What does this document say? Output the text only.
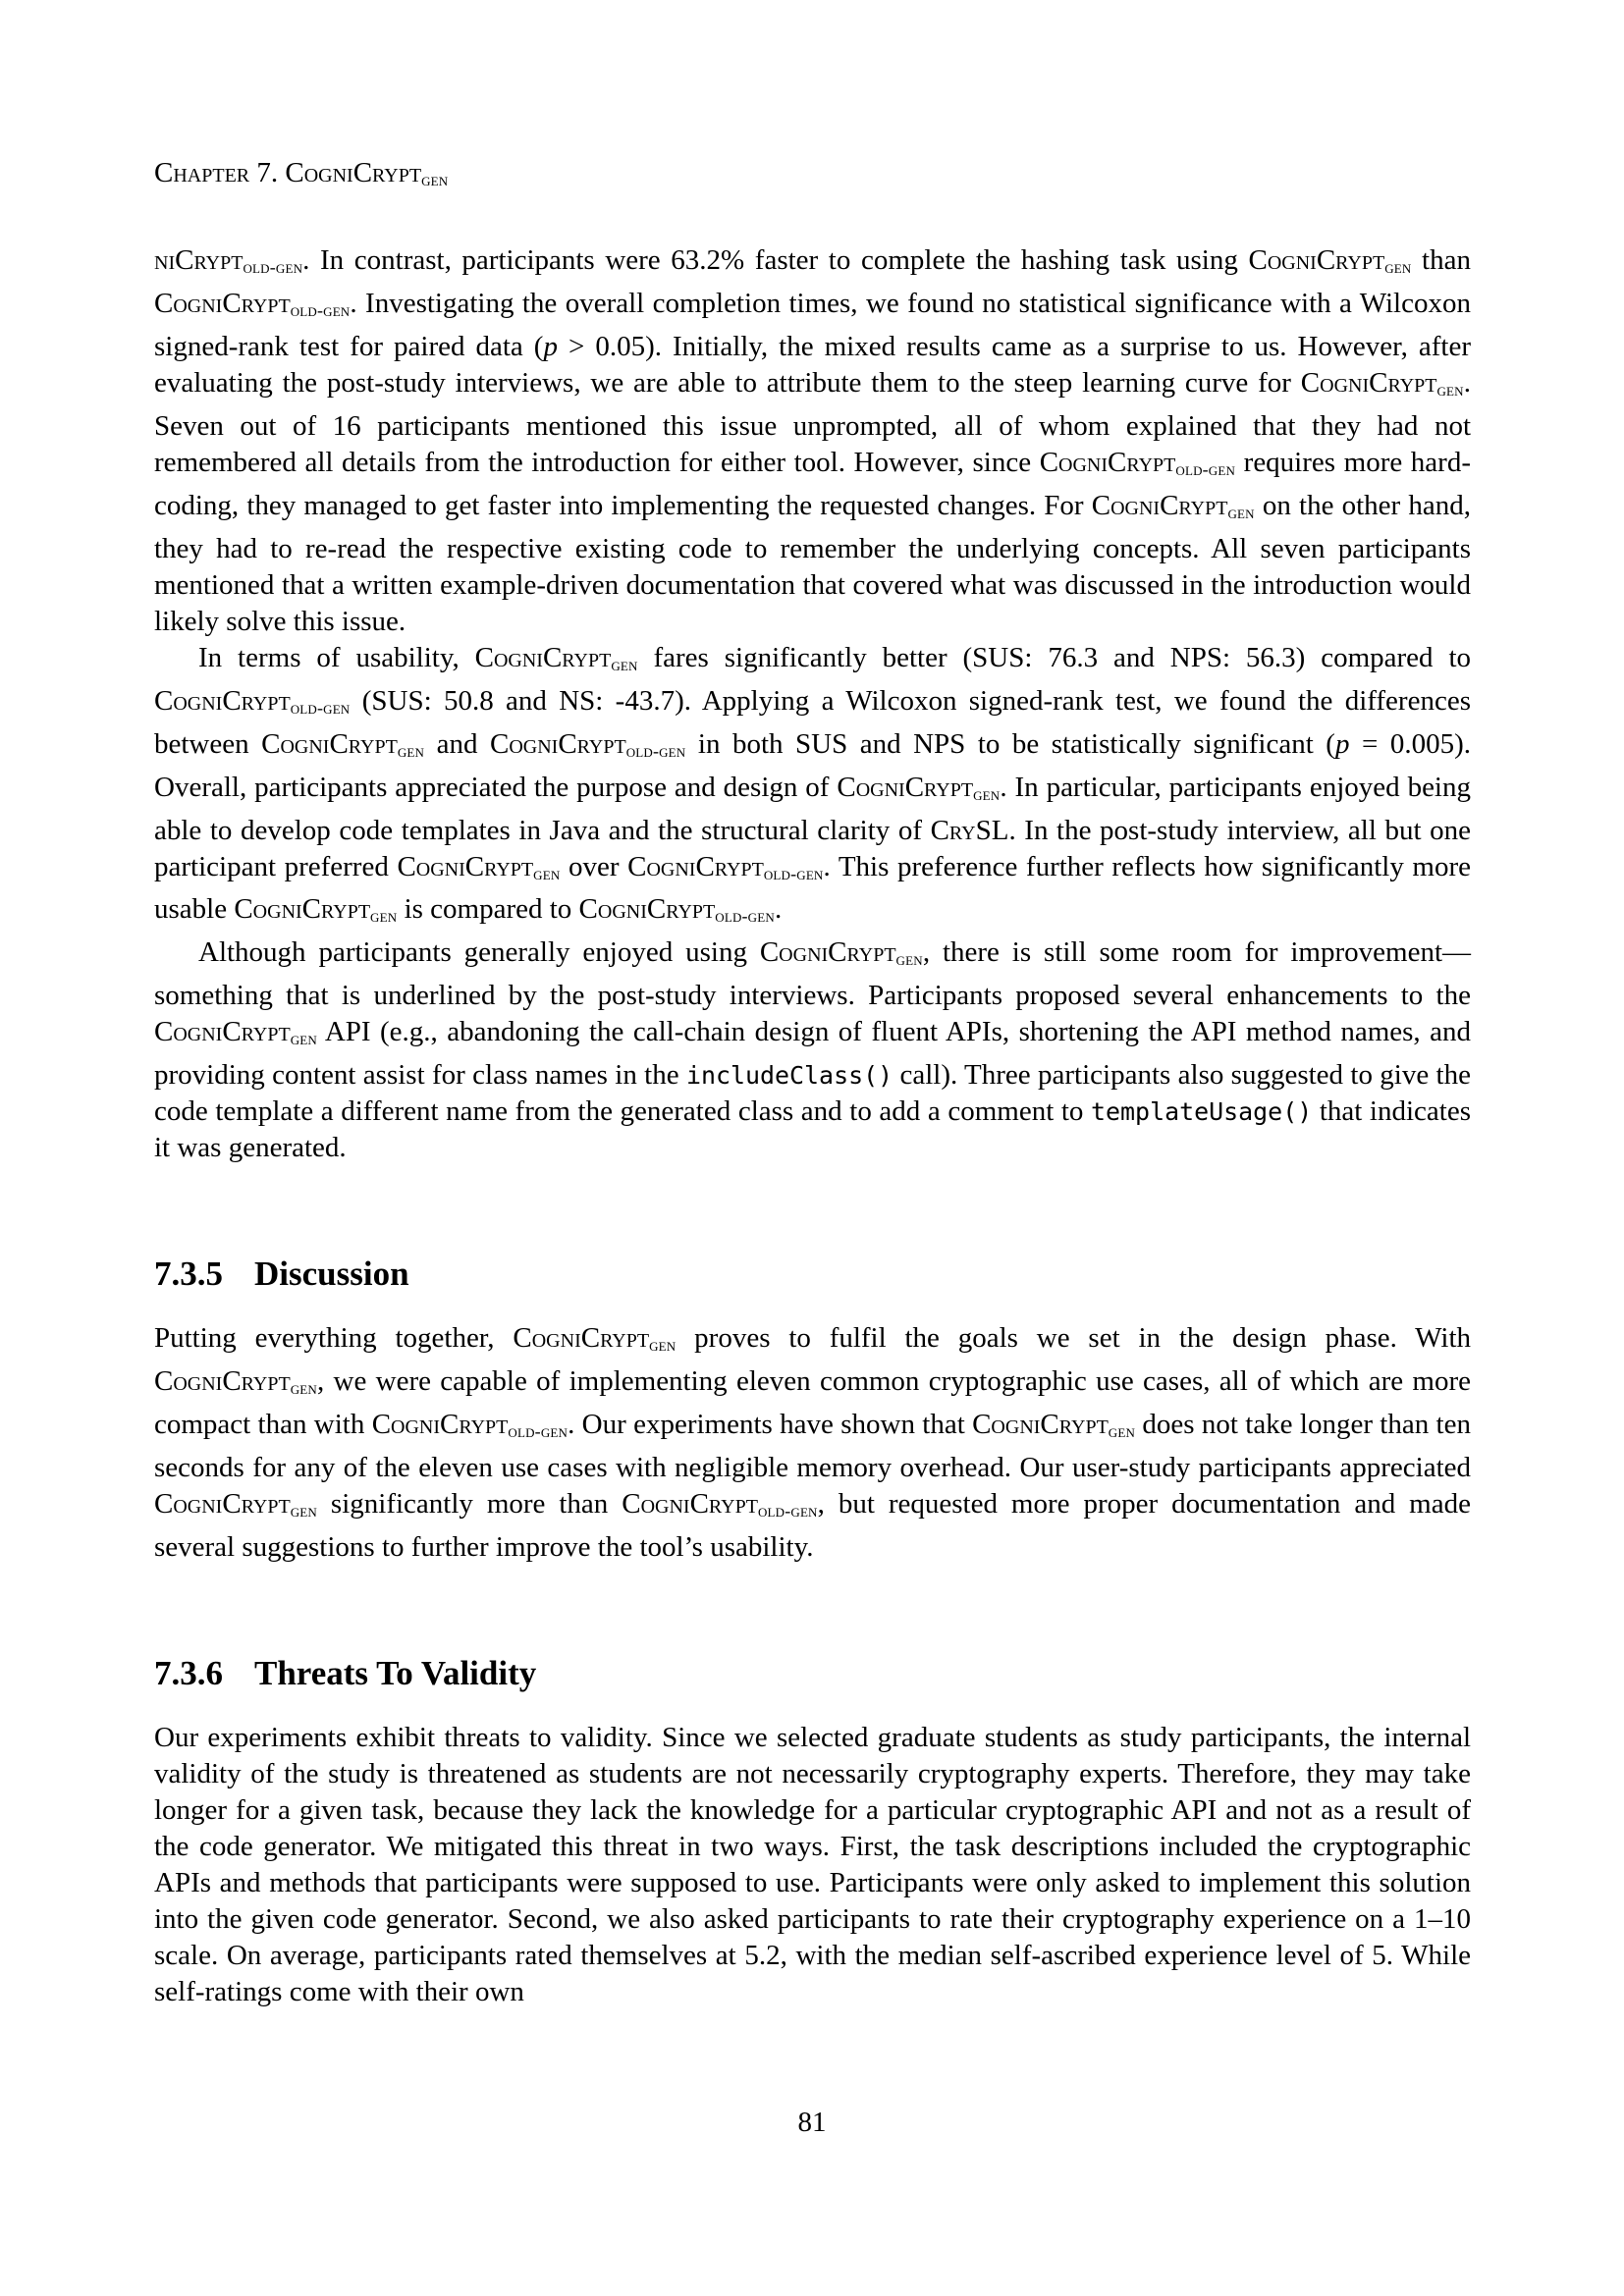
Chapter 7. CogniCryptgen

niCryptold-gen. In contrast, participants were 63.2% faster to complete the hashing task using CogniCryptgen than CogniCryptold-gen. Investigating the overall completion times, we found no statistical significance with a Wilcoxon signed-rank test for paired data (p > 0.05). Initially, the mixed results came as a surprise to us. However, after evaluating the post-study interviews, we are able to attribute them to the steep learning curve for CogniCryptgen. Seven out of 16 participants mentioned this issue unprompted, all of whom explained that they had not remembered all details from the introduction for either tool. However, since CogniCryptold-gen requires more hard-coding, they managed to get faster into implementing the requested changes. For CogniCryptgen on the other hand, they had to re-read the respective existing code to remember the underlying concepts. All seven participants mentioned that a written example-driven documentation that covered what was discussed in the introduction would likely solve this issue.

In terms of usability, CogniCryptgen fares significantly better (SUS: 76.3 and NPS: 56.3) compared to CogniCryptold-gen (SUS: 50.8 and NS: -43.7). Applying a Wilcoxon signed-rank test, we found the differences between CogniCryptgen and CogniCryptold-gen in both SUS and NPS to be statistically significant (p = 0.005). Overall, participants appreciated the purpose and design of CogniCryptgen. In particular, participants enjoyed being able to develop code templates in Java and the structural clarity of CrySL. In the post-study interview, all but one participant preferred CogniCryptgen over CogniCryptold-gen. This preference further reflects how significantly more usable CogniCryptgen is compared to CogniCryptold-gen.

Although participants generally enjoyed using CogniCryptgen, there is still some room for improvement—something that is underlined by the post-study interviews. Participants proposed several enhancements to the CogniCryptgen API (e.g., abandoning the call-chain design of fluent APIs, shortening the API method names, and providing content assist for class names in the includeClass() call). Three participants also suggested to give the code template a different name from the generated class and to add a comment to templateUsage() that indicates it was generated.

7.3.5 Discussion

Putting everything together, CogniCryptgen proves to fulfil the goals we set in the design phase. With CogniCryptgen, we were capable of implementing eleven common cryptographic use cases, all of which are more compact than with CogniCryptold-gen. Our experiments have shown that CogniCryptgen does not take longer than ten seconds for any of the eleven use cases with negligible memory overhead. Our user-study participants appreciated CogniCryptgen significantly more than CogniCryptold-gen, but requested more proper documentation and made several suggestions to further improve the tool’s usability.

7.3.6 Threats To Validity

Our experiments exhibit threats to validity. Since we selected graduate students as study participants, the internal validity of the study is threatened as students are not necessarily cryptography experts. Therefore, they may take longer for a given task, because they lack the knowledge for a particular cryptographic API and not as a result of the code generator. We mitigated this threat in two ways. First, the task descriptions included the cryptographic APIs and methods that participants were supposed to use. Participants were only asked to implement this solution into the given code generator. Second, we also asked participants to rate their cryptography experience on a 1–10 scale. On average, participants rated themselves at 5.2, with the median self-ascribed experience level of 5. While self-ratings come with their own

81
